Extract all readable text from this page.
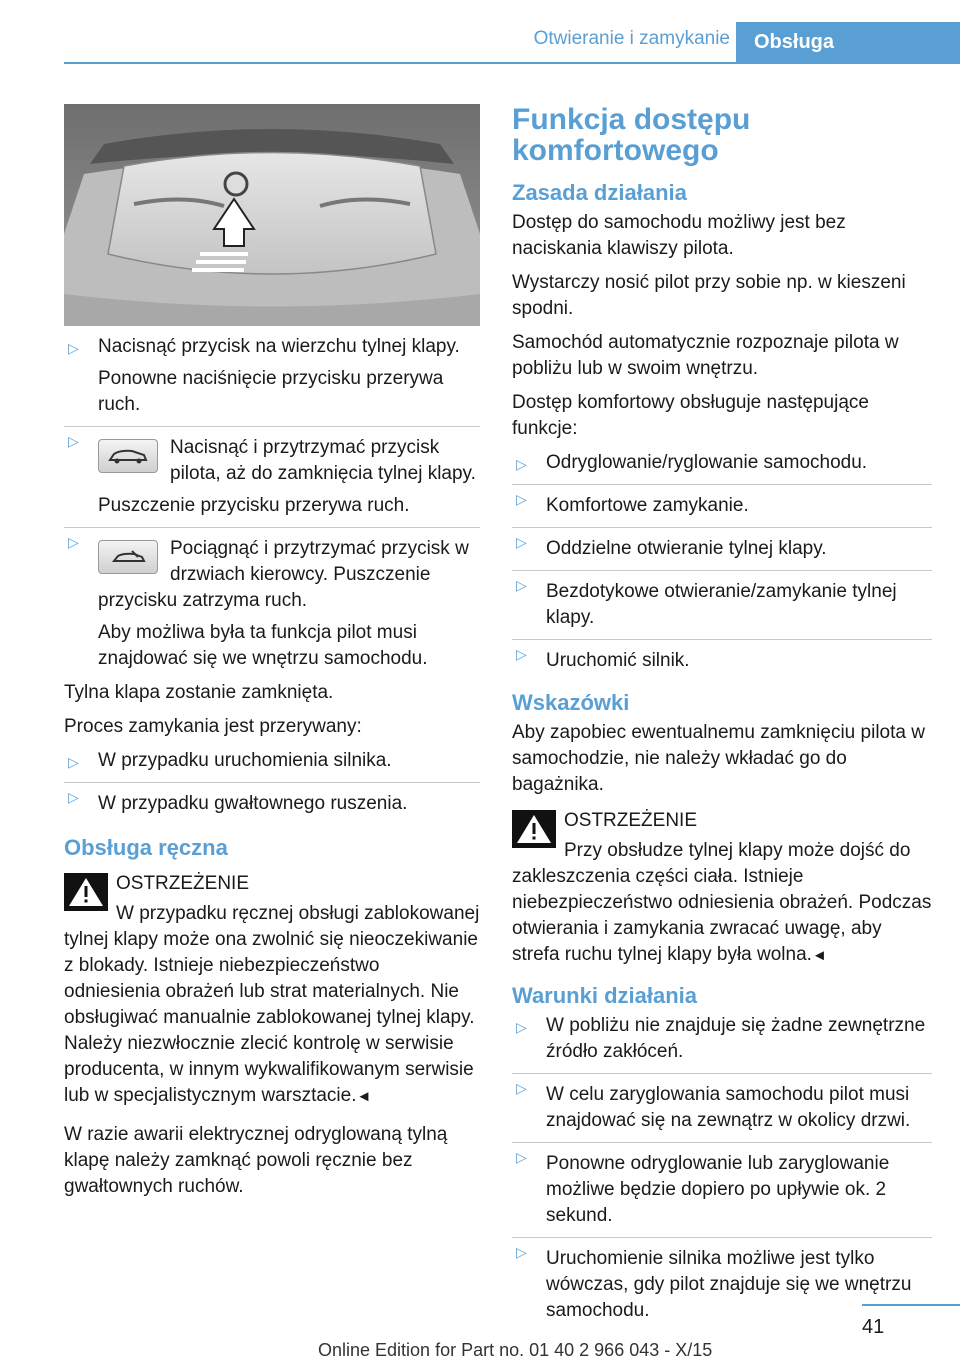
Otwieranie i zamykanie	Obsługa
▷ Nacisnąć przycisk na wierzchu tylnej klapy.
Ponowne naciśnięcie przycisku przerywa ruch.
▷	Nacisnąć i przytrzymać przycisk pilota, aż do zamknięcia tylnej klapy.
Puszczenie przycisku przerywa ruch.
▷	Pociągnąć i przytrzymać przycisk w drzwiach kierowcy. Puszczenie przycisku zatrzyma ruch.
Aby możliwa była ta funkcja pilot musi znajdować się we wnętrzu samochodu.

Tylna klapa zostanie zamknięta.

Proces zamykania jest przerywany:

▷ W przypadku uruchomienia silnika.
▷ W przypadku gwałtownego ruszenia.
Obsługa ręczna
OSTRZEŻENIE
W przypadku ręcznej obsługi zablokowanej tylnej klapy może ona zwolnić się nieoczekiwanie z blokady. Istnieje niebezpieczeństwo odniesienia obrażeń lub strat materialnych. Nie obsługiwać manualnie zablokowanej tylnej klapy. Należy niezwłocznie zlecić kontrolę w serwisie producenta, w innym wykwalifikowanym serwisie lub w specjalistycznym warsztacie.◄

W razie awarii elektrycznej odryglowaną tylną klapę należy zamknąć powoli ręcznie bez gwałtownych ruchów.

Funkcja dostępu komfortowego
Zasada działania

Dostęp do samochodu możliwy jest bez naciskania klawiszy pilota.

Wystarczy nosić pilot przy sobie np. w kieszeni spodni.

Samochód automatycznie rozpoznaje pilota w pobliżu lub w swoim wnętrzu.

Dostęp komfortowy obsługuje następujące funkcje:

▷ Odryglowanie/ryglowanie samochodu.
▷ Komfortowe zamykanie.
▷ Oddzielne otwieranie tylnej klapy.
▷ Bezdotykowe otwieranie/zamykanie tylnej klapy.
▷ Uruchomić silnik.
Wskazówki

Aby zapobiec ewentualnemu zamknięciu pilota w samochodzie, nie należy wkładać go do bagażnika.

OSTRZEŻENIE
Przy obsłudze tylnej klapy może dojść do zakleszczenia części ciała. Istnieje niebezpieczeństwo odniesienia obrażeń. Podczas otwierania i zamykania zwracać uwagę, aby strefa ruchu tylnej klapy była wolna.◄
Warunki działania
▷ W pobliżu nie znajduje się żadne zewnętrzne źródło zakłóceń.
▷ W celu zaryglowania samochodu pilot musi znajdować się na zewnątrz w okolicy drzwi.
▷ Ponowne odryglowanie lub zaryglowanie możliwe będzie dopiero po upływie ok. 2 sekund.
▷ Uruchomienie silnika możliwe jest tylko wówczas, gdy pilot znajduje się we wnętrzu samochodu.
41
Online Edition for Part no. 01 40 2 966 043 - X/15
